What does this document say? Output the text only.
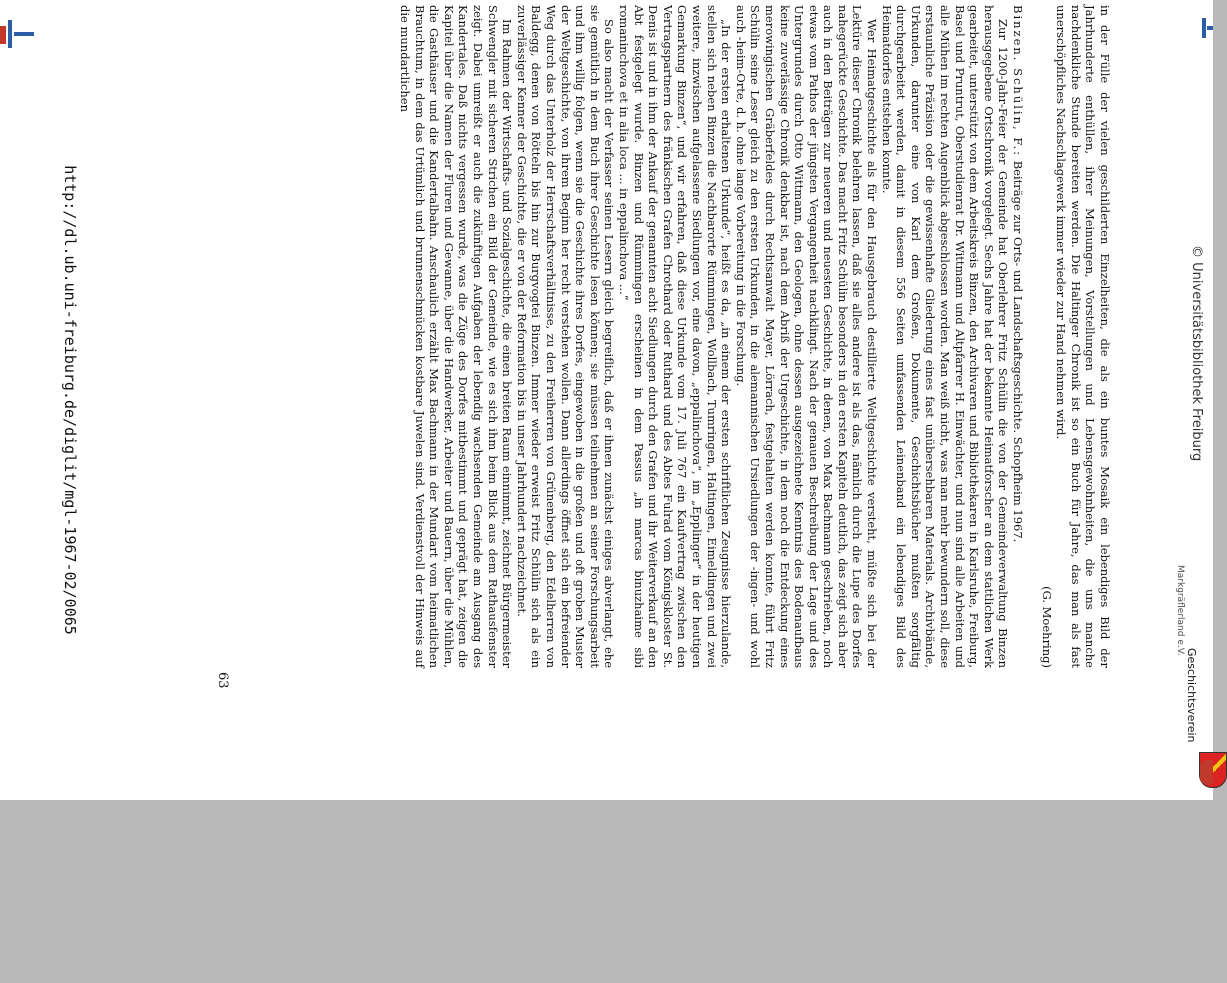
in der Fülle der vielen geschilderten Einzelheiten, die als ein buntes Mosaik ein lebendiges Bild der Jahrhunderte enthüllen, ihrer Meinungen, Vorstellungen und Lebensgewohnheiten, die uns manche nachdenkliche Stunde bereiten werden. Die Haltinger Chronik ist so ein Buch für Jahre, das man als fast unerschöpfliches Nachschlagewerk immer wieder zur Hand nehmen wird.

(G. Moehring)

Binzen. Schülin, F.: Beiträge zur Orts- und Landschaftsgeschichte. Schopfheim 1967.

Zur 1200-Jahr-Feier der Gemeinde hat Oberlehrer Fritz Schülin die von der Gemeindeverwaltung Binzen herausgegebene Ortschronik vorgelegt. Sechs Jahre hat der bekannte Heimatforscher an dem stattlichen Werk gearbeitet, unterstützt von dem Arbeitskreis Binzen, den Archivaren und Bibliothekaren in Karlsruhe, Freiburg, Basel und Pruntrut, Oberstudienrat Dr. Wittmann und Altpfarrer H. Einwächter, und nun sind alle Arbeiten und alle Mühen im rechten Augenblick abgeschlossen worden. Man weiß nicht, was man mehr bewundern soll, diese erstaunliche Präzision oder die gewissenhafte Gliederung eines fast unübersehbaren Materials. Archivbände, Urkunden, darunter eine von Karl dem Großen, Dokumente, Geschichtsbücher mußten sorgfältig durchgearbeitet werden, damit in diesem 556 Seiten umfassenden Leinenband ein lebendiges Bild des Heimatdorfes entstehen konnte.

Wer Heimatgeschichte als für den Hausgebrauch destillierte Weltgeschichte versteht, müßte sich bei der Lektüre dieser Chronik belehren lassen, daß sie alles andere ist als das, nämlich durch die Lupe des Dorfes nahegerückte Geschichte. Das macht Fritz Schülin besonders in den ersten Kapiteln deutlich, das zeigt sich aber auch in den Beiträgen zur neueren und neuesten Geschichte, in denen, von Max Bachmann geschrieben, noch etwas vom Pathos der jüngsten Vergangenheit nachklingt. Nach der genauen Beschreibung der Lage und des Untergrundes durch Otto Wittmann, den Geologen, ohne dessen ausgezeichnete Kenntnis des Bodenaufbaus keine zuverlässige Chronik denkbar ist, nach dem Abriß der Urgeschichte, in dem noch die Entdeckung eines merowingischen Gräberfeldes durch Rechtsanwalt Mayer, Lörrach, festgehalten werden konnte, führt Fritz Schülin seine Leser gleich zu den ersten Urkunden, in die alemannischen Ursiedlungen der -ingen- und wohl auch -heim-Orte, d. h. ohne lange Vorbereitung in die Forschung.

„In der ersten erhaltenen Urkunde“, heißt es da, „in einem der ersten schriftlichen Zeugnisse hierzulande, stellen sich neben Binzen die Nachbarorte Rümmingen, Wollbach, Tumringen, Haltingen, Eimeldingen und zwei weitere, inzwischen aufgelassene Siedlungen vor, eine davon, „eppalinchova“, im „Epplinger“ in der heutigen Gemarkung Binzen“, und wir erfahren, daß diese Urkunde vom 17. Juli 767 ein Kaufvertrag zwischen den Vertragspartnern des fränkischen Grafen Chrothard oder Ruthard und des Abtes Fulrad vom Königskloster St. Denis ist und in ihm der Ankauf der genannten acht Siedlungen durch den Grafen und ihr Weiterverkauf an den Abt festgelegt wurde. Binzen und Rümmingen erscheinen in dem Passus „in marcas binuzhaime sibi romaninchova et in alia loca ... in eppalinchova ...“

So also macht der Verfasser seinen Lesern gleich begreiflich, daß er ihnen zunächst einiges abverlangt, ehe sie gemütlich in dem Buch ihrer Geschichte lesen können; sie müssen teilnehmen an seiner Forschungsarbeit und ihm willig folgen, wenn sie die Geschichte ihres Dorfes, eingewoben in die großen und oft groben Muster der Weltgeschichte, von ihrem Beginn her recht verstehen wollen. Dann allerdings öffnet sich ein befreiender Weg durch das Unterholz der Herrschaftsverhältnisse, zu den Freiherren von Grünenberg, den Edelherren von Baldegg, denen von Rötteln bis hin zur Burgvogtei Binzen. Immer wieder erweist Fritz Schülin sich als ein zuverlässiger Kenner der Geschichte, die er von der Reformation bis in unser Jahrhundert nachzeichnet.

Im Rahmen der Wirtschafts- und Sozialgeschichte, die einen breiten Raum einnimmt, zeichnet Bürgermeister Schwengler mit sicheren Strichen ein Bild der Gemeinde, wie es sich ihm beim Blick aus dem Rathausfenster zeigt. Dabei umreißt er auch die zukünftigen Aufgaben der lebendig wachsenden Gemeinde am Ausgang des Kandertales. Daß nichts vergessen wurde, was die Züge des Dorfes mitbestimmt und geprägt hat, zeigen die Kapitel über die Namen der Fluren und Gewanne, über die Handwerker, Arbeiter und Bauern, über die Mühlen, die Gasthäuser und die Kandertalbahn. Anschaulich erzählt Max Bachmann in der Mundart vom heimatlichen Brauchtum, in dem das Urtümlich und brunnenschmücken kostbare Juwelen sind. Verdienstvoll der Hinweis auf die mundartlichen

63
© Universitätsbibliothek Freiburg
Markgräflerland e.V.
Geschichtsverein
http://dl.ub.uni-freiburg.de/diglit/mgl-1967-02/0065
